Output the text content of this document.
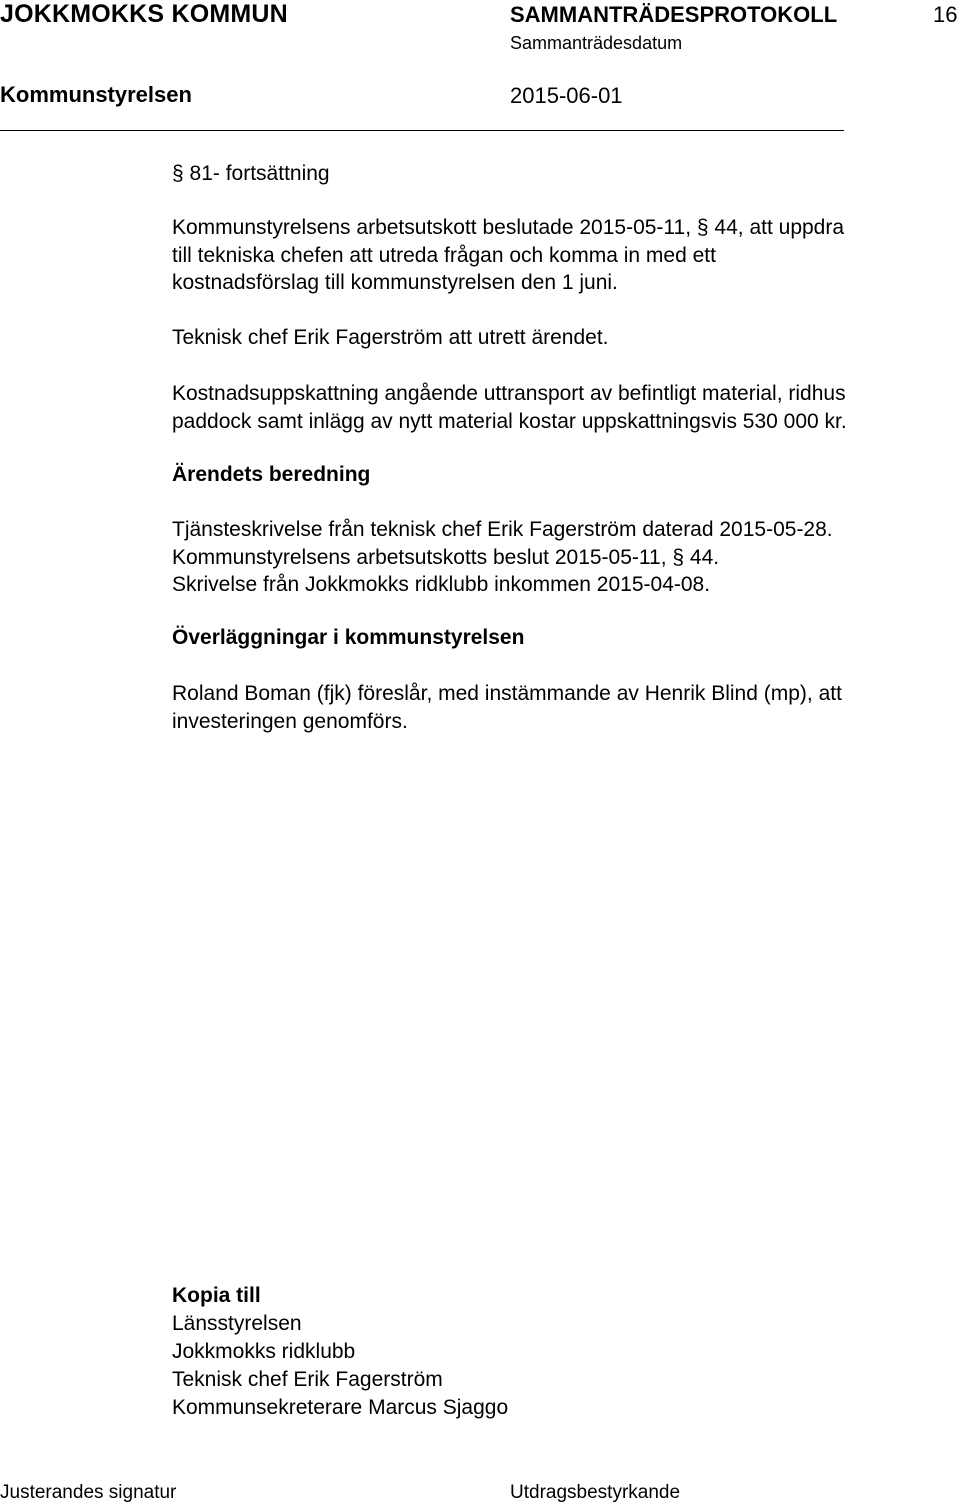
JOKKMOKKS KOMMUN	SAMMANTRÄDESPROTOKOLL	16
Sammanträdesdatum
Kommunstyrelsen	2015-06-01
§ 81- fortsättning
Kommunstyrelsens arbetsutskott beslutade 2015-05-11, § 44, att uppdra
till tekniska chefen att utreda frågan och komma in med ett
kostnadsförslag till kommunstyrelsen den 1 juni.
Teknisk chef Erik Fagerström att utrett ärendet.
Kostnadsuppskattning angående uttransport av befintligt material, ridhus
paddock samt inlägg av nytt material kostar uppskattningsvis 530 000 kr.
Ärendets beredning
Tjänsteskrivelse från teknisk chef Erik Fagerström daterad 2015-05-28.
Kommunstyrelsens arbetsutskotts beslut 2015-05-11, § 44.
Skrivelse från Jokkmokks ridklubb inkommen 2015-04-08.
Överläggningar i kommunstyrelsen
Roland Boman (fjk) föreslår, med instämmande av Henrik Blind (mp), att
investeringen genomförs.
Kopia till
Länsstyrelsen
Jokkmokks ridklubb
Teknisk chef Erik Fagerström
Kommunsekreterare Marcus Sjaggo
Justerandes signatur	Utdragsbestyrkande
